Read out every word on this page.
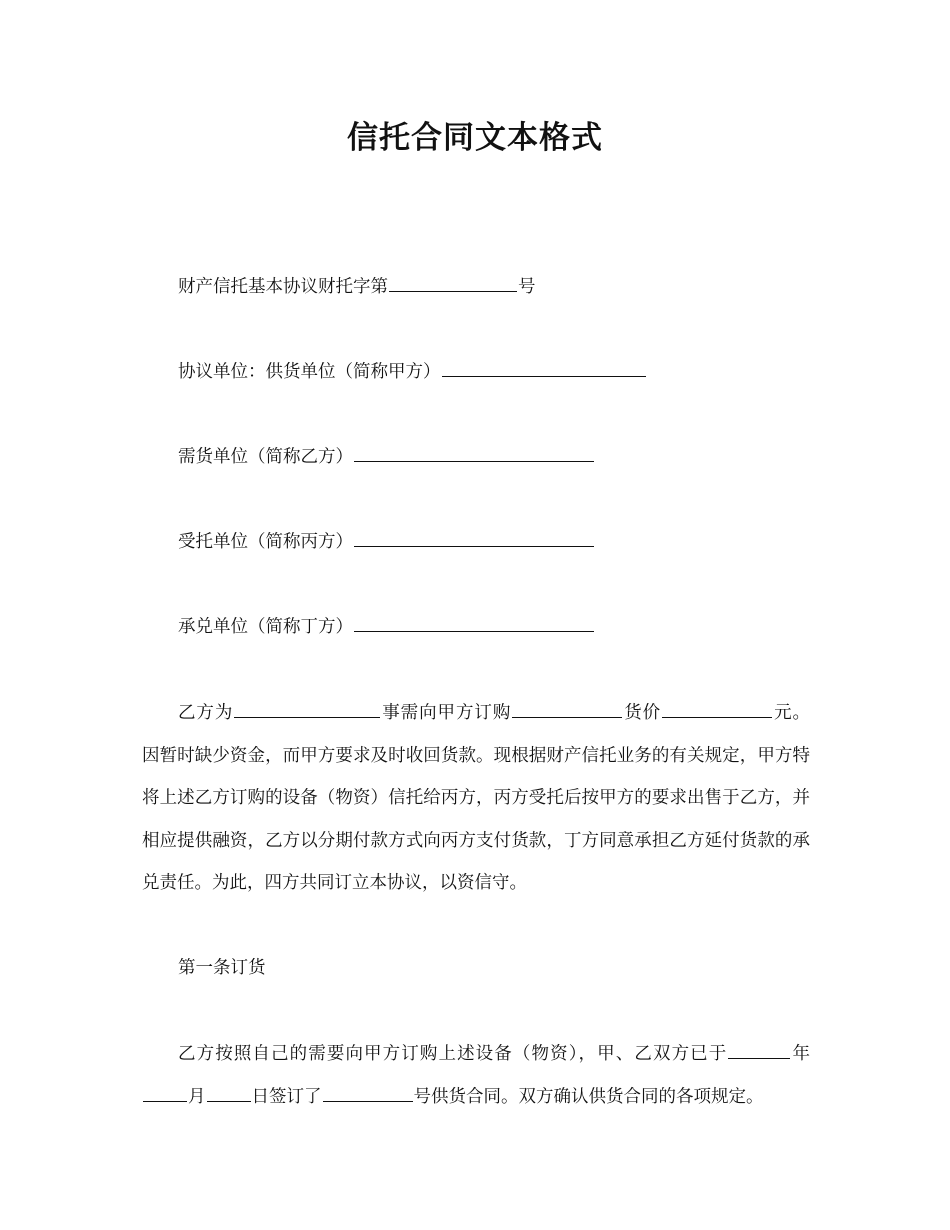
信托合同文本格式
财产信托基本协议财托字第	号
协议单位：供货单位（简称甲方）
需货单位（简称乙方）
受托单位（简称丙方）
承兑单位（简称丁方）
乙方为	事需向甲方订购	货价	元。因暂时缺少资金，而甲方要求及时收回货款。现根据财产信托业务的有关规定，甲方特将上述乙方订购的设备（物资）信托给丙方，丙方受托后按甲方的要求出售于乙方，并相应提供融资，乙方以分期付款方式向丙方支付货款，丁方同意承担乙方延付货款的承兑责任。为此，四方共同订立本协议，以资信守。
第一条订货
乙方按照自己的需要向甲方订购上述设备（物资），甲、乙双方已于	年月	日签订了	号供货合同。双方确认供货合同的各项规定。
